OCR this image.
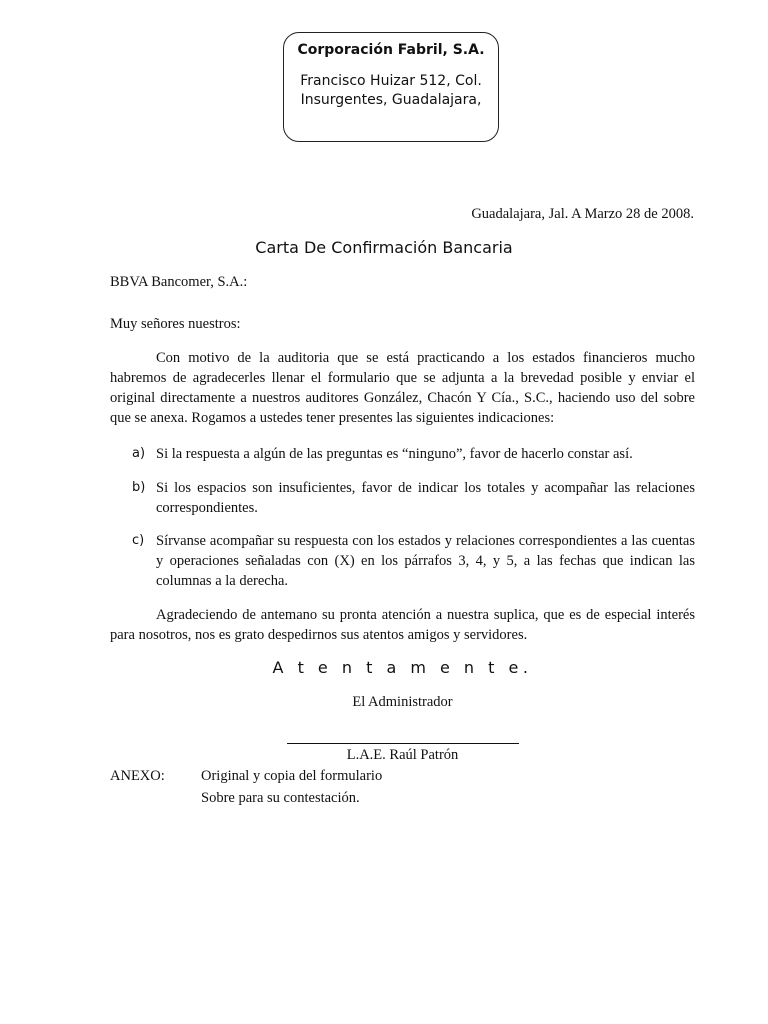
Corporación Fabril, S.A.
Francisco Huizar 512, Col. Insurgentes, Guadalajara,
Guadalajara, Jal. A Marzo 28 de 2008.
Carta De Confirmación Bancaria
BBVA Bancomer, S.A.:
Muy señores nuestros:
Con motivo de la auditoria que se está practicando a los estados financieros mucho habremos de agradecerles llenar el formulario que se adjunta a la brevedad posible y enviar el original directamente a nuestros auditores González, Chacón Y Cía., S.C., haciendo uso del sobre que se anexa. Rogamos a ustedes tener presentes las siguientes indicaciones:
a) Si la respuesta a algún de las preguntas es “ninguno”, favor de hacerlo constar así.
b) Si los espacios son insuficientes, favor de indicar los totales y acompañar las relaciones correspondientes.
c) Sírvanse acompañar su respuesta con los estados y relaciones correspondientes a las cuentas y operaciones señaladas con (X) en los párrafos 3, 4, y 5, a las fechas que indican las columnas a la derecha.
Agradeciendo de antemano su pronta atención a nuestra suplica, que es de especial interés para nosotros, nos es grato despedirnos sus atentos amigos y servidores.
A t e n t a m e n t e.
El Administrador
L.A.E. Raúl Patrón
ANEXO: Original y copia del formulario
Sobre para su contestación.
